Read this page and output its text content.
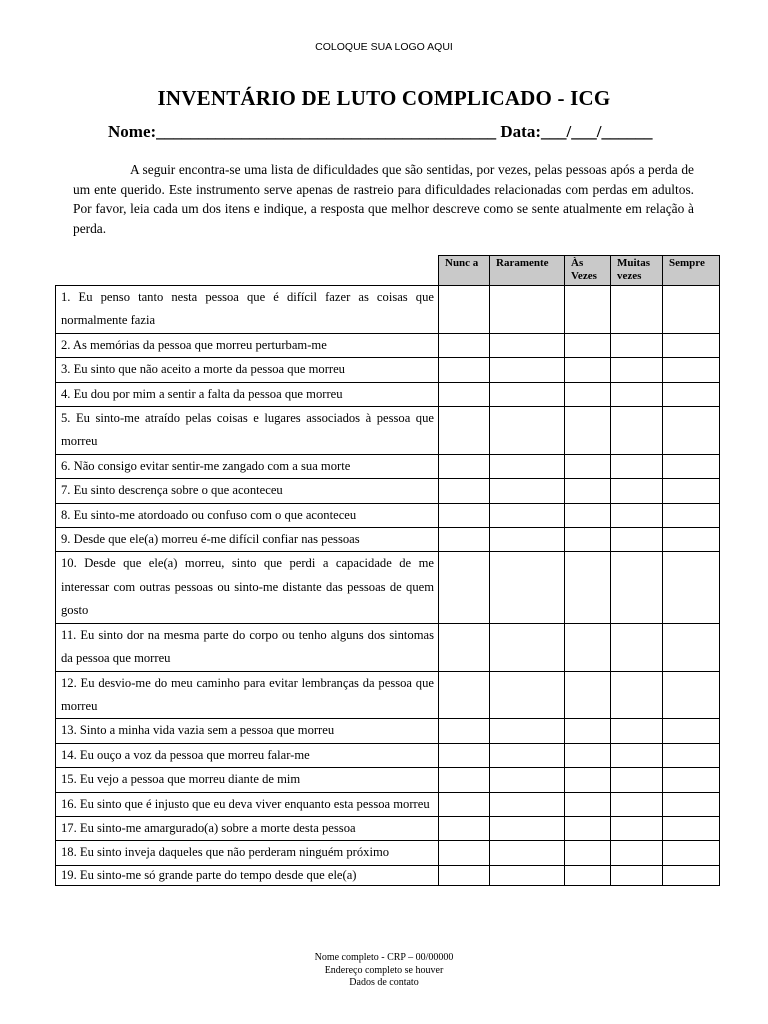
COLOQUE SUA LOGO AQUI
INVENTÁRIO DE LUTO COMPLICADO - ICG
Nome:________________________________________ Data:___/___/______

A seguir encontra-se uma lista de dificuldades que são sentidas, por vezes, pelas pessoas após a perda de um ente querido. Este instrumento serve apenas de rastreio para dificuldades relacionadas com perdas em adultos. Por favor, leia cada um dos itens e indique, a resposta que melhor descreve como se sente atualmente em relação à perda.

	Nunc a	Raramente	Às Vezes	Muitas vezes	Sempre
1. Eu penso tanto nesta pessoa que é difícil fazer as coisas que normalmente fazia					
2. As memórias da pessoa que morreu perturbam-me					
3. Eu sinto que não aceito a morte da pessoa que morreu					
4. Eu dou por mim a sentir a falta da pessoa que morreu					
5. Eu sinto-me atraído pelas coisas e lugares associados à pessoa que morreu					
6. Não consigo evitar sentir-me zangado com a sua morte					
7. Eu sinto descrença sobre o que aconteceu					
8. Eu sinto-me atordoado ou confuso com o que aconteceu					
9. Desde que ele(a) morreu é-me difícil confiar nas pessoas					
10. Desde que ele(a) morreu, sinto que perdi a capacidade de me interessar com outras pessoas ou sinto-me distante das pessoas de quem gosto					
11. Eu sinto dor na mesma parte do corpo ou tenho alguns dos sintomas da pessoa que morreu					
12. Eu desvio-me do meu caminho para evitar lembranças da pessoa que morreu					
13. Sinto a minha vida vazia sem a pessoa que morreu					
14. Eu ouço a voz da pessoa que morreu falar-me					
15. Eu vejo a pessoa que morreu diante de mim					
16. Eu sinto que é injusto que eu deva viver enquanto esta pessoa morreu					
17. Eu sinto-me amargurado(a) sobre a morte desta pessoa					
18. Eu sinto inveja daqueles que não perderam ninguém próximo					
19. Eu sinto-me só grande parte do tempo desde que ele(a)					
Nome completo - CRP – 00/00000
Endereço completo se houver
Dados de contato
